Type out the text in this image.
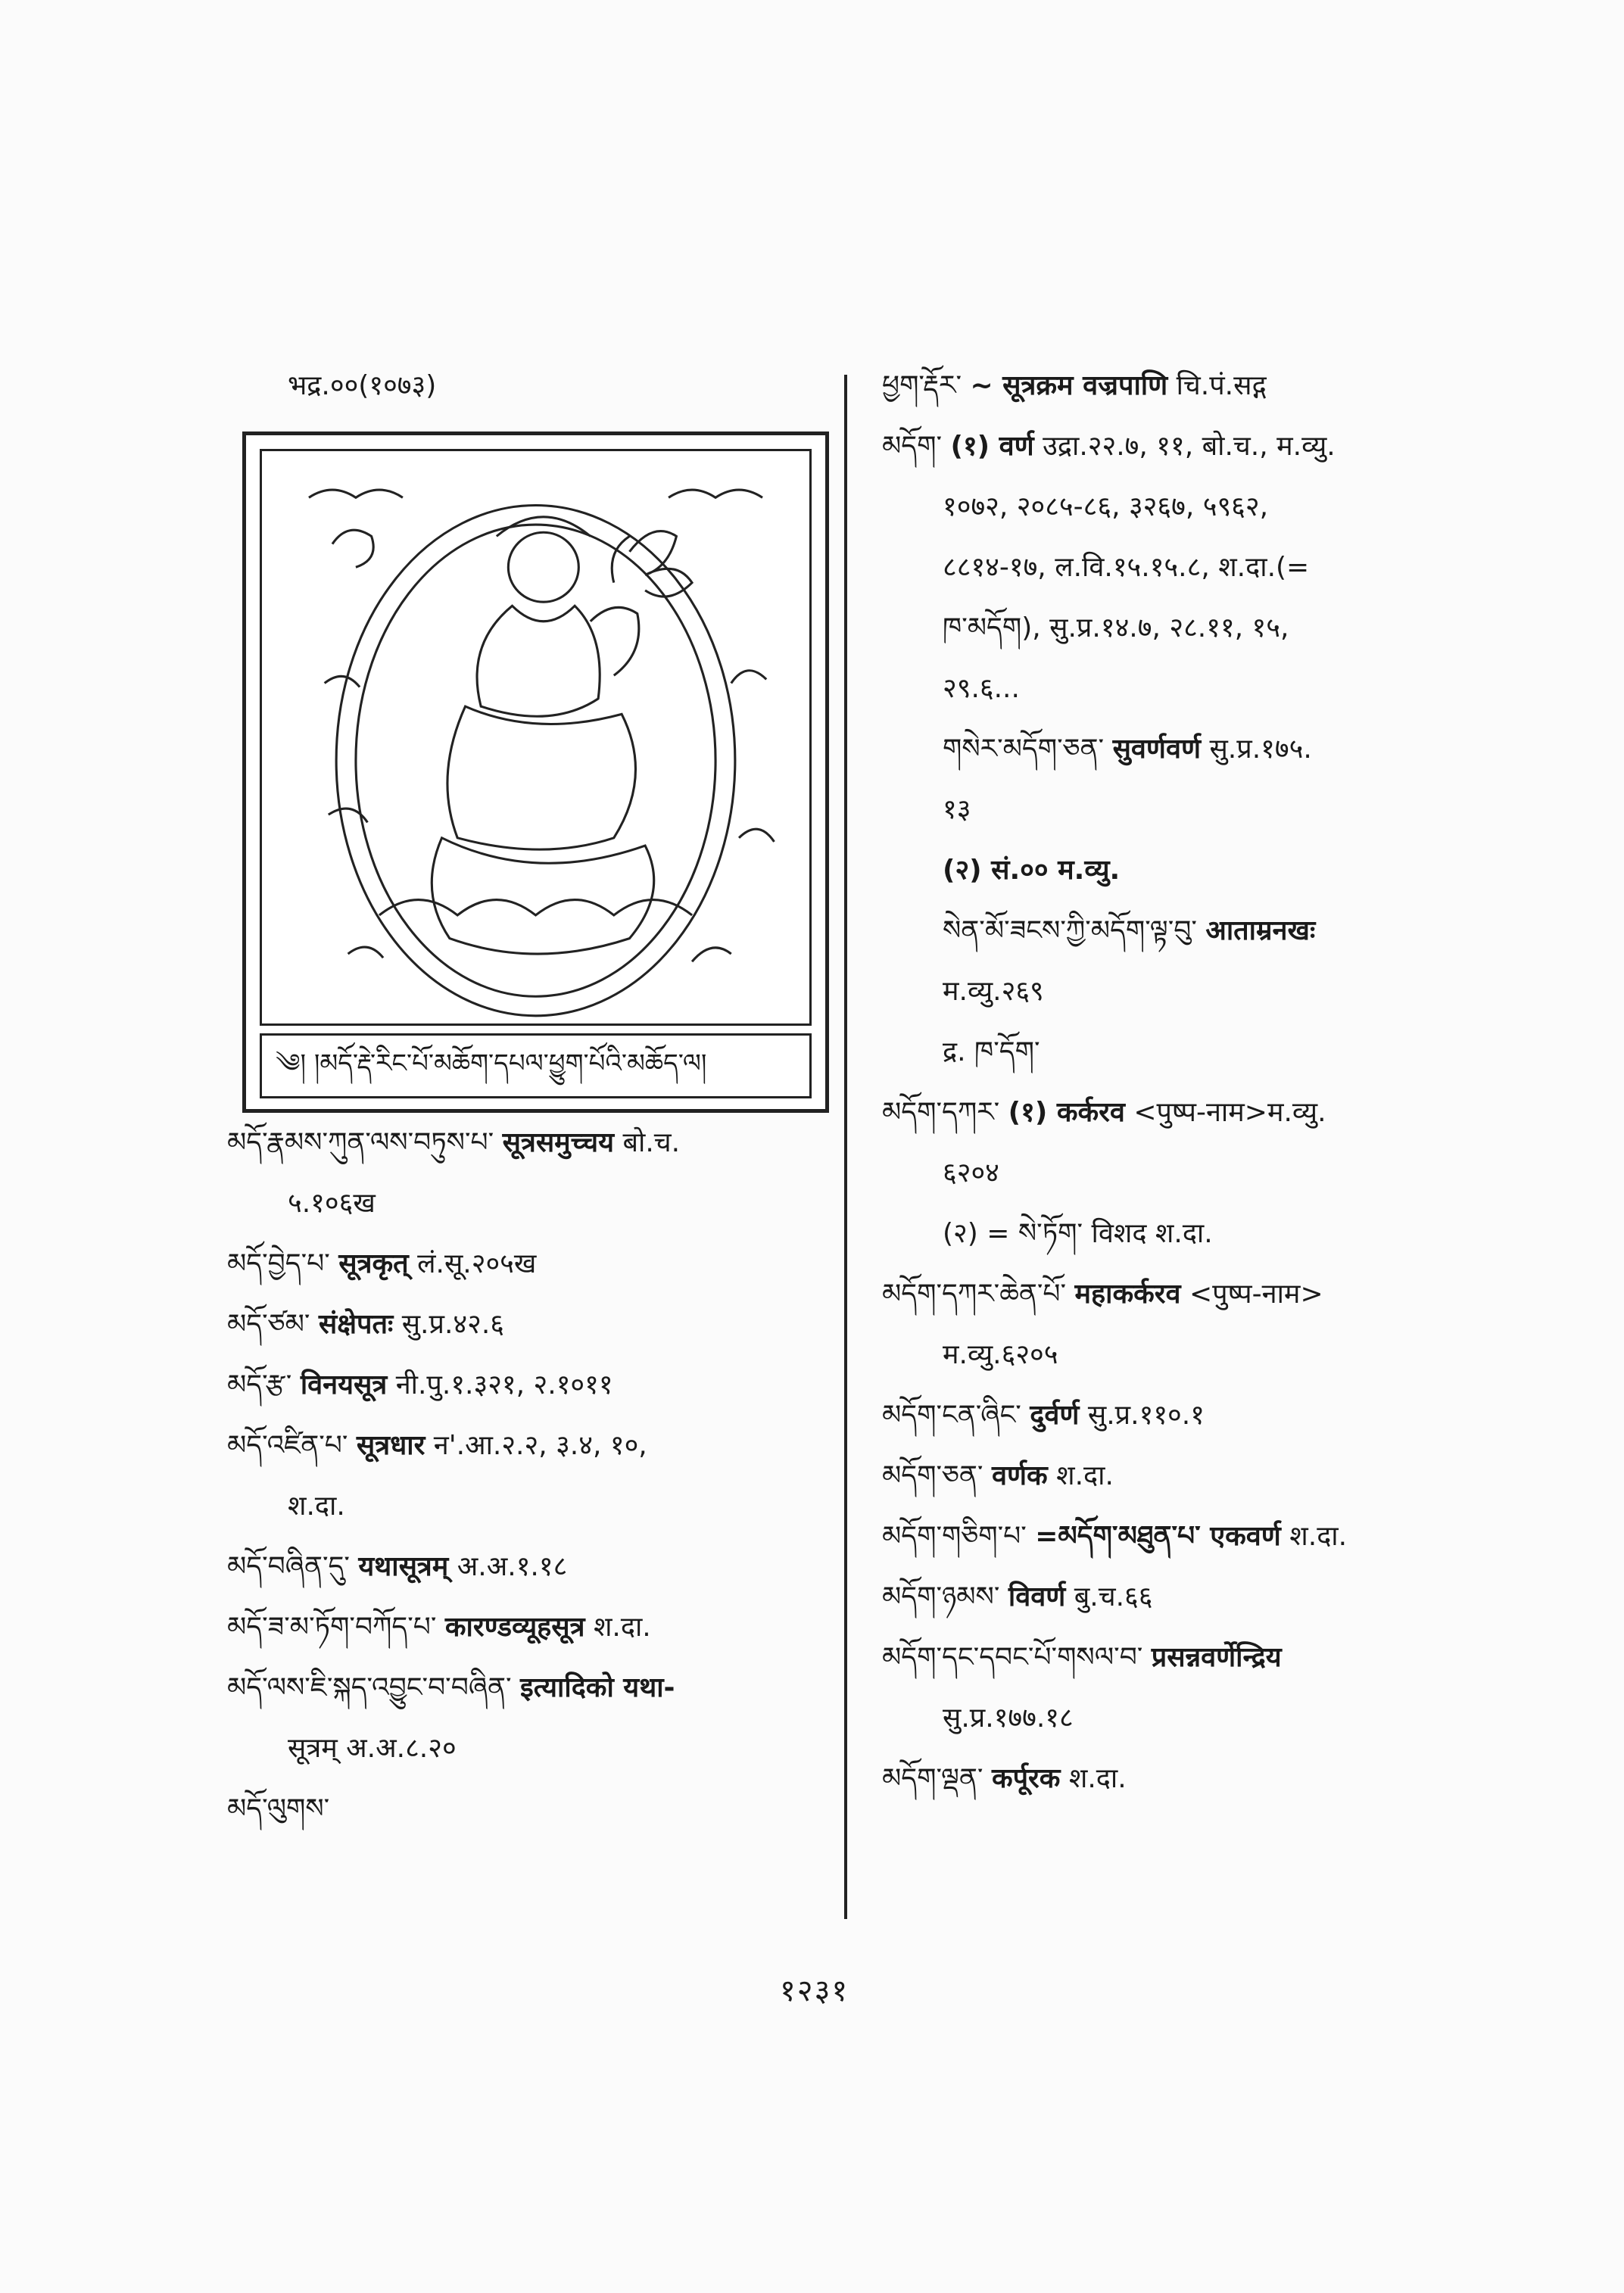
भद्र.००(१०७३)
༄། །མདོ་རྡེ་རིང་པོ་མཆོག་དཔལ་ཕྱུག་པོའི་མཆོད་ལ།
མདོ་རྣམས་ཀུན་ལས་བཏུས་པ་ सूत्रसमुच्चय बो.च.
५.१०६ख
མདོ་བྱེད་པ་ सूत्रकृत् लं.सू.२०५ख
མདོ་ཙམ་ संक्षेपतः सु.प्र.४२.६
མདོ་རྩ་ विनयसूत्र नी.पु.१.३२१, २.१०११
མདོ་འཛིན་པ་ सूत्रधार न'.आ.२.२, ३.४, १०,
श.दा.
མདོ་བཞིན་དུ་ यथासूत्रम् अ.अ.१.१८
མདོ་ཟ་མ་ཏོག་བཀོད་པ་ कारण्डव्यूहसूत्र श.दा.
མདོ་ལས་ཇི་སྐད་འབྱུང་བ་བཞིན་ इत्यादिको यथा-
सूत्रम् अ.अ.८.२०
མདོ་ལུགས་
ཕྱག་རྡོར་ ~ सूत्रक्रम वज्रपाणि चि.पं.सद्ग
མདོག་ (१) वर्ण उद्रा.२२.७, ११, बो.च., म.व्यु.
१०७२, २०८५-८६, ३२६७, ५९६२,
८८१४-१७, ल.वि.१५.१५.८, श.दा.(=
ཁ་མདོག), सु.प्र.१४.७, २८.११, १५,
२९.६...
གསེར་མདོག་ཅན་ सुवर्णवर्ण सु.प्र.१७५.
१३
(२) सं.०० म.व्यु.
སེན་མོ་ཟངས་ཀྱི་མདོག་ལྟ་བུ་ आताम्रनखः
म.व्यु.२६९
द्र. ཁ་དོག་
མདོག་དཀར་ (१) कर्करव <पुष्प-नाम>म.व्यु.
६२०४
(२) = སེ་ཏོག་ विशद श.दा.
མདོག་དཀར་ཆེན་པོ་ महाकर्करव <पुष्प-नाम>
म.व्यु.६२०५
མདོག་ངན་ཞིང་ दुर्वर्ण सु.प्र.११०.१
མདོག་ཅན་ वर्णक श.दा.
མདོག་གཅིག་པ་ =མདོག་མཐུན་པ་ एकवर्ण श.दा.
མདོག་ཉམས་ विवर्ण बु.च.६६
མདོག་དང་དབང་པོ་གསལ་བ་ प्रसन्नवर्णेन्द्रिय
सु.प्र.१७७.१८
མདོག་ལྡན་ कर्पूरक श.दा.
१२३१
